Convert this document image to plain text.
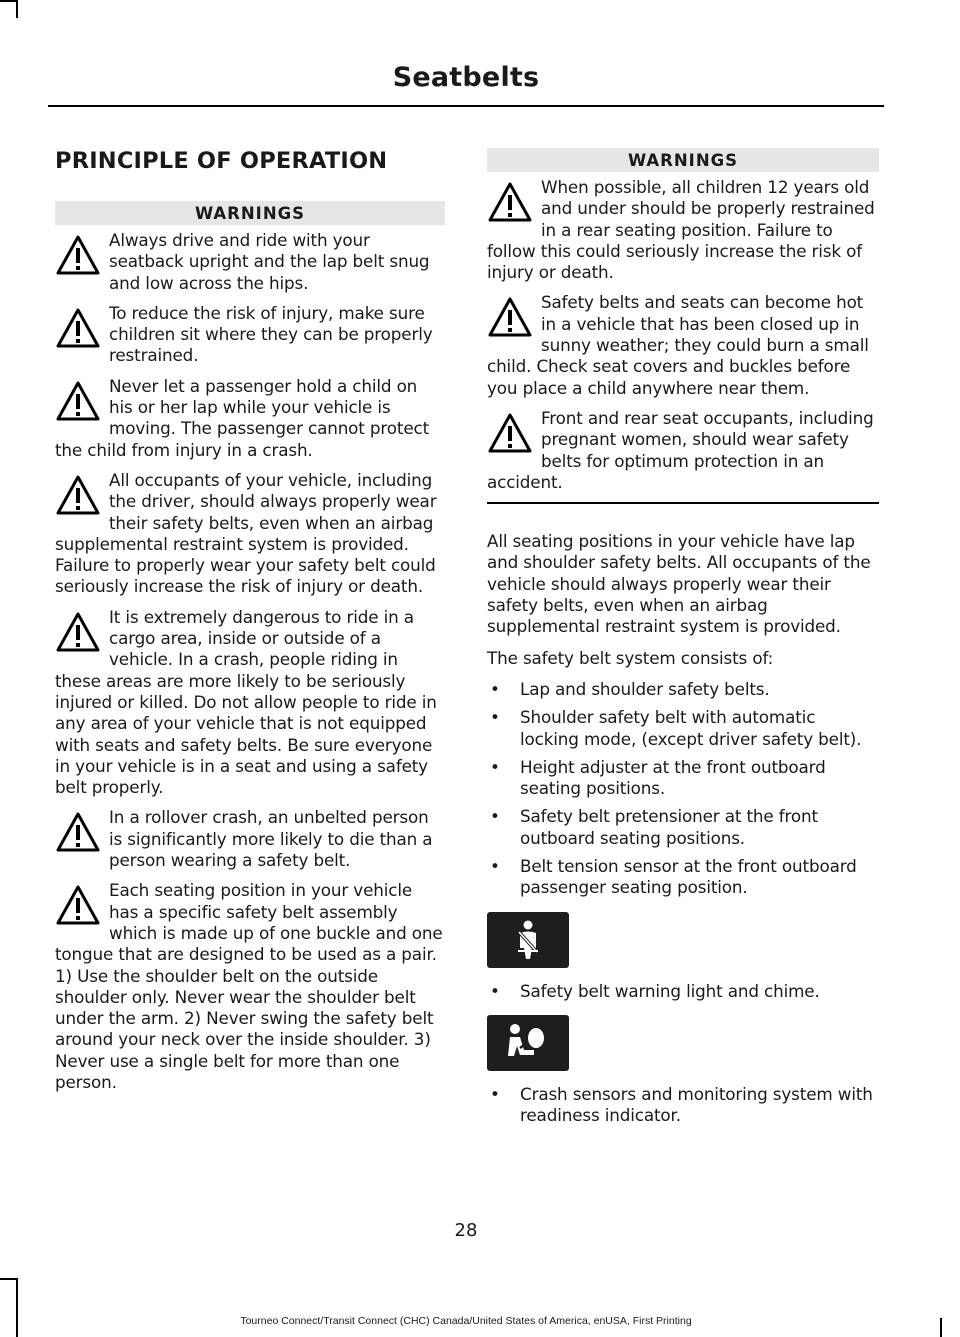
Seatbelts
PRINCIPLE OF OPERATION
WARNINGS
Always drive and ride with your seatback upright and the lap belt snug and low across the hips.
To reduce the risk of injury, make sure children sit where they can be properly restrained.
Never let a passenger hold a child on his or her lap while your vehicle is moving. The passenger cannot protect the child from injury in a crash.
All occupants of your vehicle, including the driver, should always properly wear their safety belts, even when an airbag supplemental restraint system is provided. Failure to properly wear your safety belt could seriously increase the risk of injury or death.
It is extremely dangerous to ride in a cargo area, inside or outside of a vehicle. In a crash, people riding in these areas are more likely to be seriously injured or killed. Do not allow people to ride in any area of your vehicle that is not equipped with seats and safety belts. Be sure everyone in your vehicle is in a seat and using a safety belt properly.
In a rollover crash, an unbelted person is significantly more likely to die than a person wearing a safety belt.
Each seating position in your vehicle has a specific safety belt assembly which is made up of one buckle and one tongue that are designed to be used as a pair. 1) Use the shoulder belt on the outside shoulder only. Never wear the shoulder belt under the arm. 2) Never swing the safety belt around your neck over the inside shoulder. 3) Never use a single belt for more than one person.
WARNINGS
When possible, all children 12 years old and under should be properly restrained in a rear seating position. Failure to follow this could seriously increase the risk of injury or death.
Safety belts and seats can become hot in a vehicle that has been closed up in sunny weather; they could burn a small child. Check seat covers and buckles before you place a child anywhere near them.
Front and rear seat occupants, including pregnant women, should wear safety belts for optimum protection in an accident.

All seating positions in your vehicle have lap and shoulder safety belts. All occupants of the vehicle should always properly wear their safety belts, even when an airbag supplemental restraint system is provided.

The safety belt system consists of:

• Lap and shoulder safety belts.
• Shoulder safety belt with automatic locking mode, (except driver safety belt).
• Height adjuster at the front outboard seating positions.
• Safety belt pretensioner at the front outboard seating positions.
• Belt tension sensor at the front outboard passenger seating position.
• Safety belt warning light and chime.
• Crash sensors and monitoring system with readiness indicator.
28
Tourneo Connect/Transit Connect (CHC) Canada/United States of America, enUSA, First Printing
